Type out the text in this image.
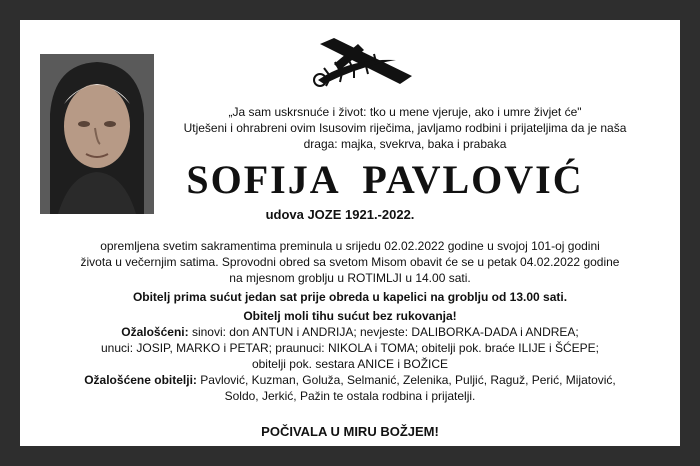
„Ja sam uskrsnuće i život: tko u mene vjeruje, ako i umre živjet će"
Utješeni i ohrabreni ovim Isusovim riječima, javljamo rodbini i prijateljima da je naša
draga: majka, svekrva, baka i prabaka
SOFIJA PAVLOVIĆ
udova JOZE 1921.-2022.

opremljena svetim sakramentima preminula u srijedu 02.02.2022 godine u svojoj 101-oj godini

života u večernjim satima. Sprovodni obred sa svetom Misom obavit će se u petak 04.02.2022 godine

na mjesnom groblju u ROTIMLJI u 14.00 sati.

Obitelj prima sućut jedan sat prije obreda u kapelici na groblju od 13.00 sati.

Obitelj moli tihu sućut bez rukovanja!

Ožalošćeni: sinovi: don ANTUN i ANDRIJA; nevjeste: DALIBORKA-DADA i ANDREA;

unuci: JOSIP, MARKO i PETAR; praunuci: NIKOLA i TOMA; obitelji pok. braće ILIJE i ŠĆEPE;

obitelji pok. sestara ANICE i BOŽICE

Ožalošćene obitelji: Pavlović, Kuzman, Goluža, Selmanić, Zelenika, Puljić, Raguž, Perić, Mijatović,

Soldo, Jerkić, Pažin te ostala rodbina i prijatelji.

POČIVALA U MIRU BOŽJEM!
